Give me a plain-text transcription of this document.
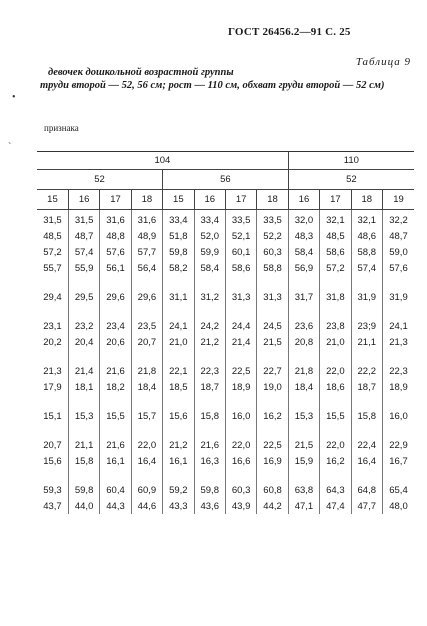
ГОСТ 26456.2—91 С. 25
Таблица 9
девочек дошкольной возрастной группы
труди второй — 52, 56 см; рост — 110 см, обхват груди второй — 52 см)
признака
•
`
104								110			
52				56				52			
15	16	17	18	15	16	17	18	16	17	18	19
31,5	31,5	31,6	31,6	33,4	33,4	33,5	33,5	32,0	32,1	32,1	32,2
48,5	48,7	48,8	48,9	51,8	52,0	52,1	52,2	48,3	48,5	48,6	48,7
57,2	57,4	57,6	57,7	59,8	59,9	60,1	60,3	58,4	58,6	58,8	59,0
55,7	55,9	56,1	56,4	58,2	58,4	58,6	58,8	56,9	57,2	57,4	57,6
29,4	29,5	29,6	29,6	31,1	31,2	31,3	31,3	31,7	31,8	31,9	31,9
23,1	23,2	23,4	23,5	24,1	24,2	24,4	24,5	23,6	23,8	23;9	24,1
20,2	20,4	20,6	20,7	21,0	21,2	21,4	21,5	20,8	21,0	21,1	21,3
21,3	21,4	21,6	21,8	22,1	22,3	22,5	22,7	21,8	22,0	22,2	22,3
17,9	18,1	18,2	18,4	18,5	18,7	18,9	19,0	18,4	18,6	18,7	18,9
15,1	15,3	15,5	15,7	15,6	15,8	16,0	16,2	15,3	15,5	15,8	16,0
20,7	21,1	21,6	22,0	21,2	21,6	22,0	22,5	21,5	22,0	22,4	22,9
15,6	15,8	16,1	16,4	16,1	16,3	16,6	16,9	15,9	16,2	16,4	16,7
59,3	59,8	60,4	60,9	59,2	59,8	60,3	60,8	63,8	64,3	64,8	65,4
43,7	44,0	44,3	44,6	43,3	43,6	43,9	44,2	47,1	47,4	47,7	48,0
